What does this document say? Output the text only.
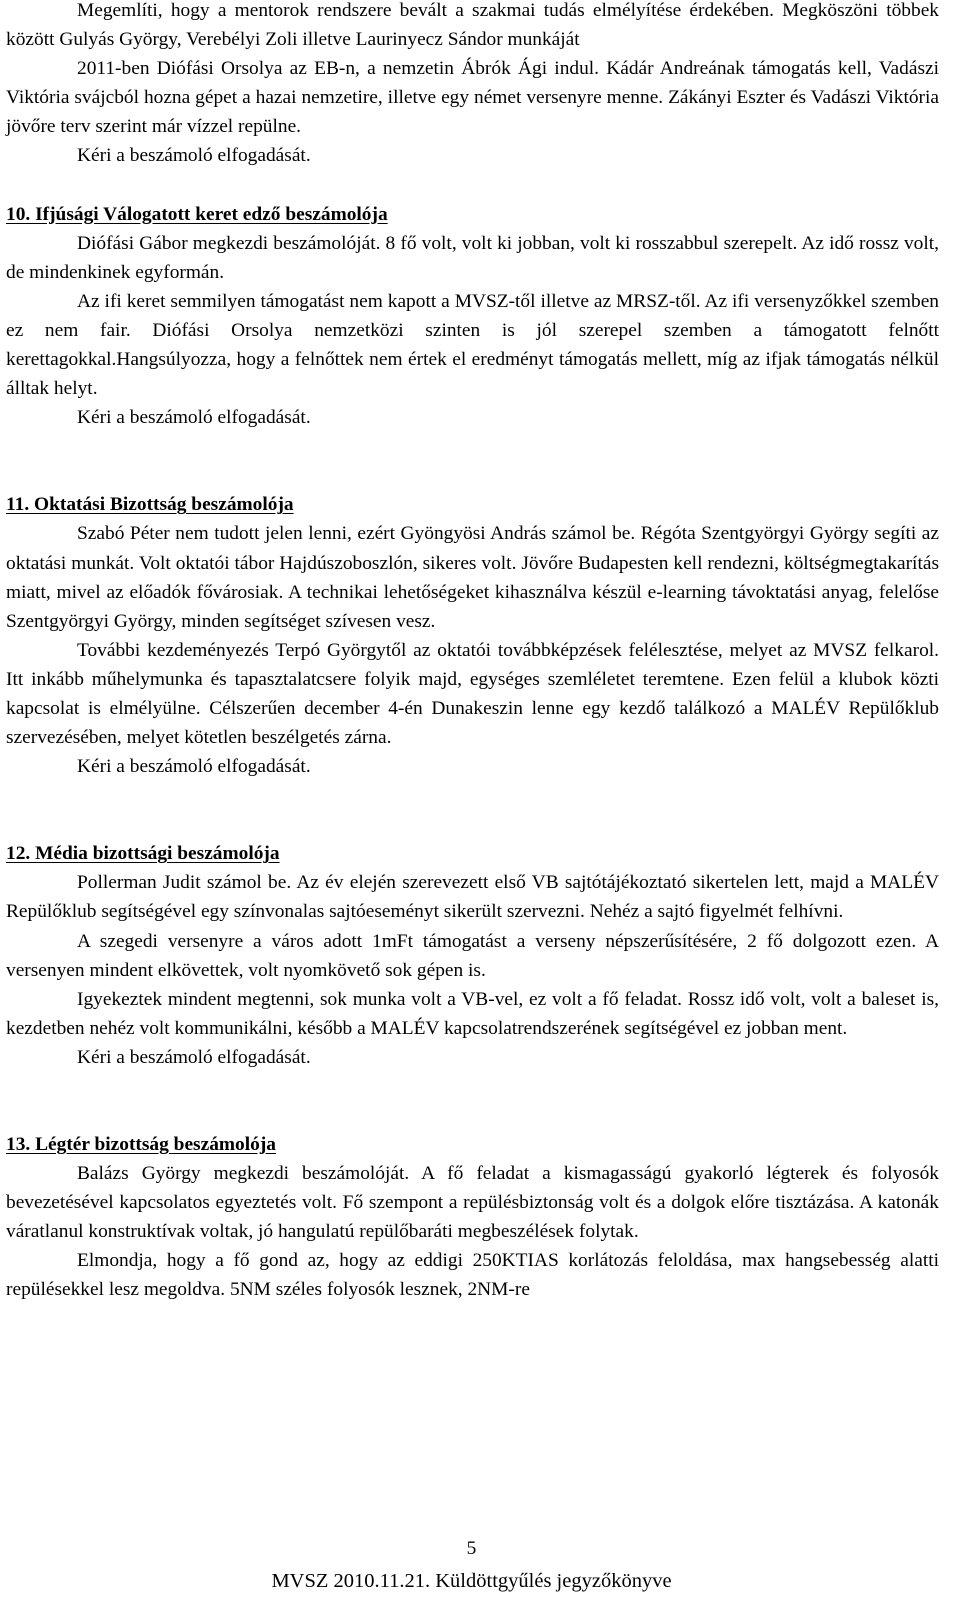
Megemlíti, hogy a mentorok rendszere bevált a szakmai tudás elmélyítése érdekében. Megköszöni többek között Gulyás György, Verebélyi Zoli illetve Laurinyecz Sándor munkáját

2011-ben Diófási Orsolya az EB-n, a nemzetin Ábrók Ági indul. Kádár Andreának támogatás kell, Vadászi Viktória svájcból hozna gépet a hazai nemzetire, illetve egy német versenyre menne. Zákányi Eszter és Vadászi Viktória jövőre terv szerint már vízzel repülne.

Kéri a beszámoló elfogadását.

10. Ifjúsági Válogatott keret edző beszámolója

Diófási Gábor megkezdi beszámolóját. 8 fő volt, volt ki jobban, volt ki rosszabbul szerepelt. Az idő rossz volt, de mindenkinek egyformán.

Az ifi keret semmilyen támogatást nem kapott a MVSZ-től illetve az MRSZ-től. Az ifi versenyzőkkel szemben ez nem fair. Diófási Orsolya nemzetközi szinten is jól szerepel szemben a támogatott felnőtt kerettagokkal.Hangsúlyozza, hogy a felnőttek nem értek el eredményt támogatás mellett, míg az ifjak támogatás nélkül álltak helyt.

Kéri a beszámoló elfogadását.

11. Oktatási Bizottság beszámolója

Szabó Péter nem tudott jelen lenni, ezért Gyöngyösi András számol be. Régóta Szentgyörgyi György segíti az oktatási munkát. Volt oktatói tábor Hajdúszoboszlón, sikeres volt. Jövőre Budapesten kell rendezni, költségmegtakarítás miatt, mivel az előadók fővárosiak. A technikai lehetőségeket kihasználva készül e-learning távoktatási anyag, felelőse Szentgyörgyi György, minden segítséget szívesen vesz.

További kezdeményezés Terpó Györgytől az oktatói továbbképzések felélesztése, melyet az MVSZ felkarol. Itt inkább műhelymunka és tapasztalatcsere folyik majd, egységes szemléletet teremtene. Ezen felül a klubok közti kapcsolat is elmélyülne. Célszerűen december 4-én Dunakeszin lenne egy kezdő találkozó a MALÉV Repülőklub szervezésében, melyet kötetlen beszélgetés zárna.

Kéri a beszámoló elfogadását.

12. Média bizottsági beszámolója

Pollerman Judit számol be. Az év elején szerevezett első VB sajtótájékoztató sikertelen lett, majd a MALÉV Repülőklub segítségével egy színvonalas sajtóeseményt sikerült szervezni. Nehéz a sajtó figyelmét felhívni.

A szegedi versenyre a város adott 1mFt támogatást a verseny népszerűsítésére, 2 fő dolgozott ezen. A versenyen mindent elkövettek, volt nyomkövető sok gépen is.

Igyekeztek mindent megtenni, sok munka volt a VB-vel, ez volt a fő feladat. Rossz idő volt, volt a baleset is, kezdetben nehéz volt kommunikálni, később a MALÉV kapcsolatrendszerének segítségével ez jobban ment.

Kéri a beszámoló elfogadását.

13. Légtér bizottság beszámolója

Balázs György megkezdi beszámolóját. A fő feladat a kismagasságú gyakorló légterek és folyosók bevezetésével kapcsolatos egyeztetés volt. Fő szempont a repülésbiztonság volt és a dolgok előre tisztázása. A katonák váratlanul konstruktívak voltak, jó hangulatú repülőbaráti megbeszélések folytak.

Elmondja, hogy a fő gond az, hogy az eddigi 250KTIAS korlátozás feloldása, max hangsebesség alatti repülésekkel lesz megoldva. 5NM széles folyosók lesznek, 2NM-re

5
MVSZ 2010.11.21. Küldöttgyűlés jegyzőkönyve
